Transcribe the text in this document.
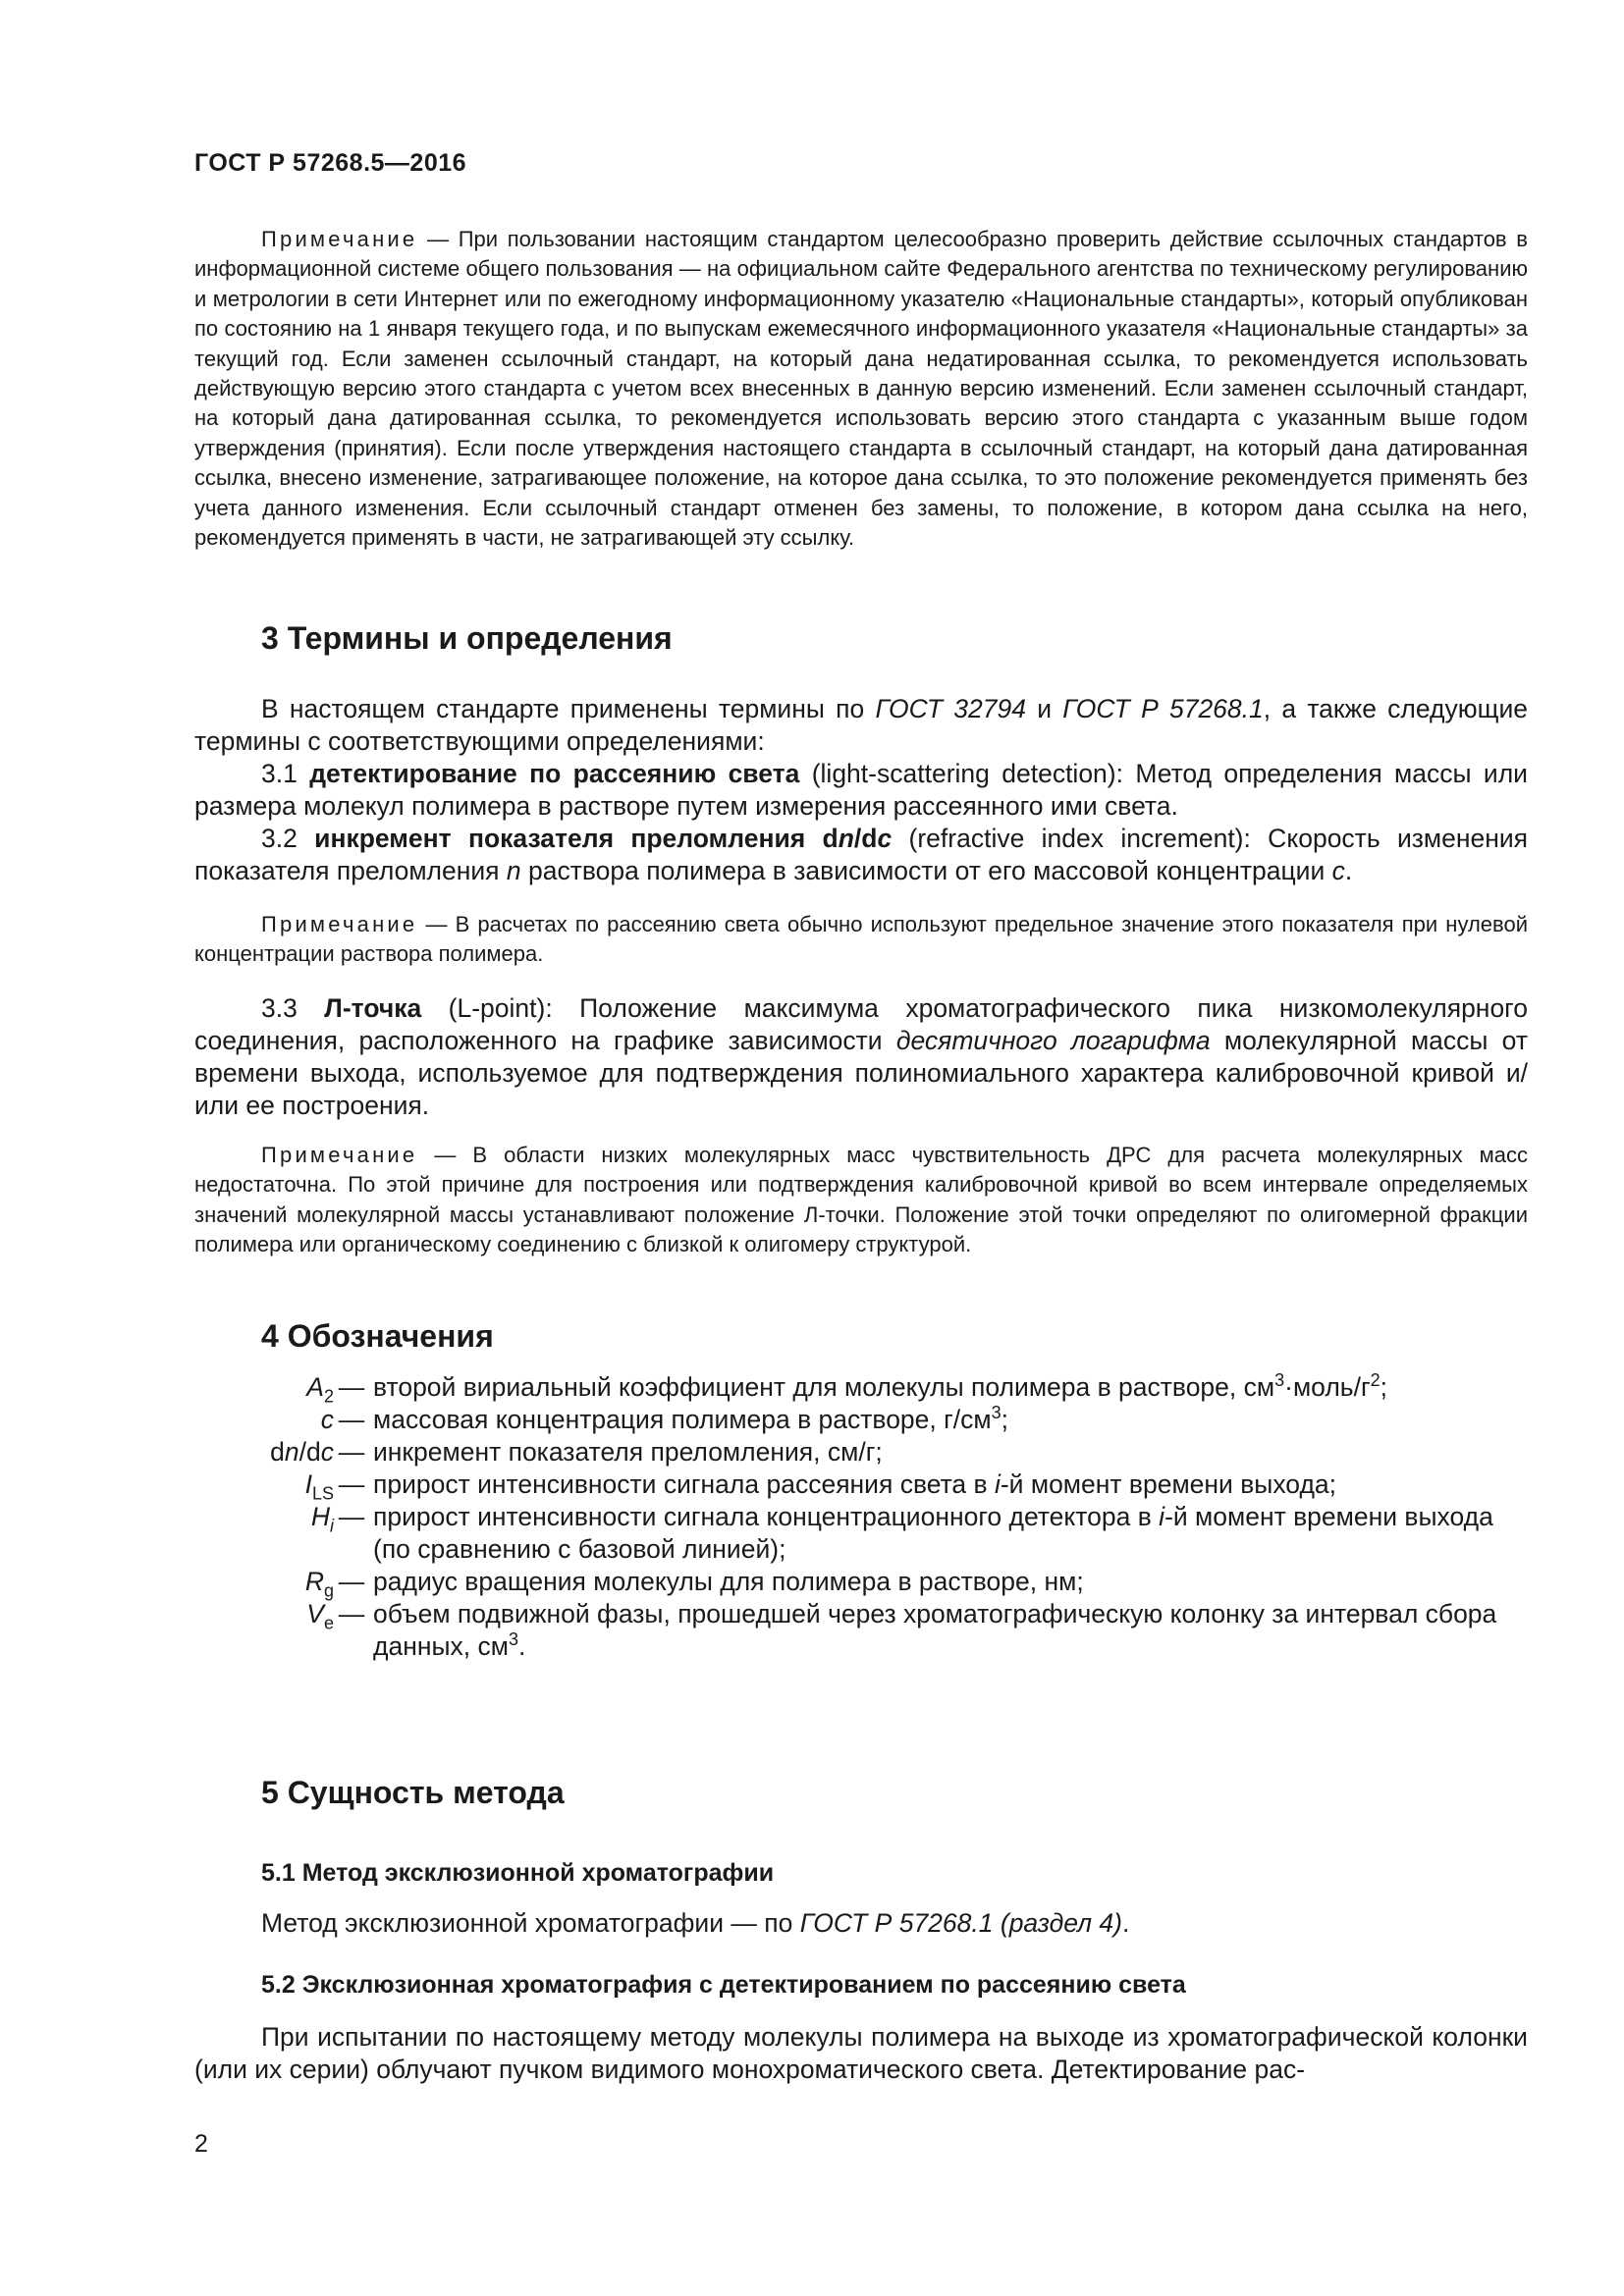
ГОСТ Р 57268.5—2016

Примечание — При пользовании настоящим стандартом целесообразно проверить действие ссылочных стандартов в информационной системе общего пользования — на официальном сайте Федерального агентства по техническому регулированию и метрологии в сети Интернет или по ежегодному информационному указателю «Национальные стандарты», который опубликован по состоянию на 1 января текущего года, и по выпускам ежемесячного информационного указателя «Национальные стандарты» за текущий год. Если заменен ссылочный стандарт, на который дана недатированная ссылка, то рекомендуется использовать действующую версию этого стандарта с учетом всех внесенных в данную версию изменений. Если заменен ссылочный стандарт, на который дана датированная ссылка, то рекомендуется использовать версию этого стандарта с указанным выше годом утверждения (принятия). Если после утверждения настоящего стандарта в ссылочный стандарт, на который дана датированная ссылка, внесено изменение, затрагивающее положение, на которое дана ссылка, то это положение рекомендуется применять без учета данного изменения. Если ссылочный стандарт отменен без замены, то положение, в котором дана ссылка на него, рекомендуется применять в части, не затрагивающей эту ссылку.

3 Термины и определения

В настоящем стандарте применены термины по ГОСТ 32794 и ГОСТ Р 57268.1, а также следующие термины с соответствующими определениями:

3.1 детектирование по рассеянию света (light-scattering detection): Метод определения массы или размера молекул полимера в растворе путем измерения рассеянного ими света.

3.2 инкремент показателя преломления dn/dc (refractive index increment): Скорость изменения показателя преломления n раствора полимера в зависимости от его массовой концентрации c.

Примечание — В расчетах по рассеянию света обычно используют предельное значение этого показателя при нулевой концентрации раствора полимера.

3.3 Л-точка (L-point): Положение максимума хроматографического пика низкомолекулярного соединения, расположенного на графике зависимости десятичного логарифма молекулярной массы от времени выхода, используемое для подтверждения полиномиального характера калибровочной кривой и/или ее построения.

Примечание — В области низких молекулярных масс чувствительность ДРС для расчета молекулярных масс недостаточна. По этой причине для построения или подтверждения калибровочной кривой во всем интервале определяемых значений молекулярной массы устанавливают положение Л-точки. Положение этой точки определяют по олигомерной фракции полимера или органическому соединению с близкой к олигомеру структурой.

4 Обозначения
$A_2$ — второй вириальный коэффициент для молекулы полимера в растворе, $см^3\cdot моль/г^2$;
c — массовая концентрация полимера в растворе, $г/см^3$;
dn/dc — инкремент показателя преломления, см/г;
$I_{LS}$ — прирост интенсивности сигнала рассеяния света в i-й момент времени выхода;
$H_i$ — прирост интенсивности сигнала концентрационного детектора в i-й момент времени выхода (по сравнению с базовой линией);
$R_g$ — радиус вращения молекулы для полимера в растворе, нм;
$V_e$ — объем подвижной фазы, прошедшей через хроматографическую колонку за интервал сбора данных, $см^3$.
5 Сущность метода
5.1 Метод эксклюзионной хроматографии

Метод эксклюзионной хроматографии — по ГОСТ Р 57268.1 (раздел 4).

5.2 Эксклюзионная хроматография с детектированием по рассеянию света

При испытании по настоящему методу молекулы полимера на выходе из хроматографической колонки (или их серии) облучают пучком видимого монохроматического света. Детектирование рас-

2
